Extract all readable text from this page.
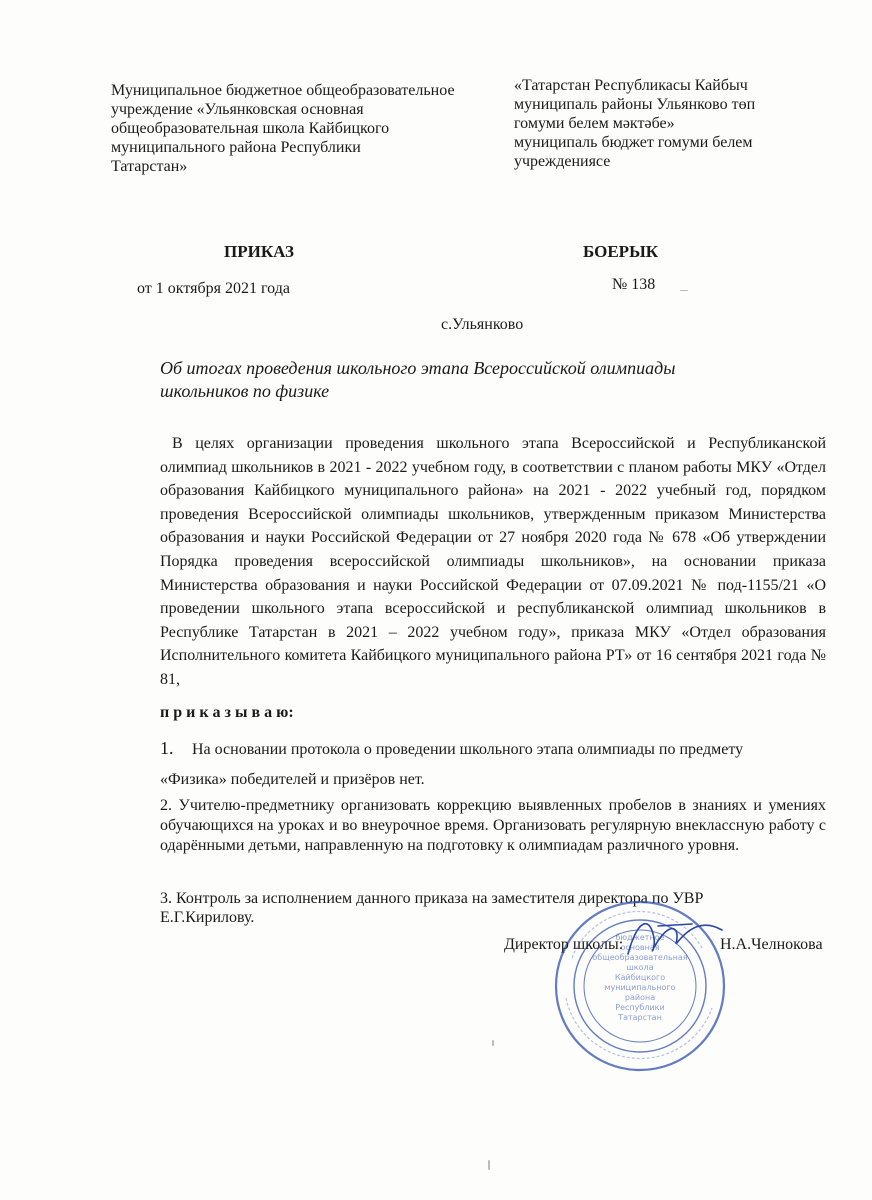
Муниципальное бюджетное общеобразовательное
учреждение «Ульянковская основная
общеобразовательная школа Кайбицкого
муниципального района Республики
Татарстан»
«Татарстан Республикасы Кайбыч
муниципаль районы Ульянково төп
гомуми белем мәктәбе»
муниципаль бюджет гомуми белем
учреждениясе
ПРИКАЗ	БОЕРЫК
от 1 октября 2021 года	№ 138
с.Ульянково
Об итогах проведения школьного этапа Всероссийской олимпиады школьников по физике
В целях организации проведения школьного этапа Всероссийской и Республиканской олимпиад школьников в 2021 - 2022 учебном году, в соответствии с планом работы МКУ «Отдел образования Кайбицкого муниципального района» на 2021 - 2022 учебный год, порядком проведения Всероссийской олимпиады школьников, утвержденным приказом Министерства образования и науки Российской Федерации от 27 ноября 2020 года № 678 «Об утверждении Порядка проведения всероссийской олимпиады школьников», на основании приказа Министерства образования и науки Российской Федерации от 07.09.2021 № под-1155/21 «О проведении школьного этапа всероссийской и республиканской олимпиад школьников в Республике Татарстан в 2021 – 2022 учебном году», приказа МКУ «Отдел образования Исполнительного комитета Кайбицкого муниципального района РТ» от 16 сентября 2021 года № 81,
п р и к а з ы в а ю:
1. На основании протокола о проведении школьного этапа олимпиады по предмету «Физика» победителей и призёров нет.
2. Учителю-предметнику организовать коррекцию выявленных пробелов в знаниях и умениях обучающихся на уроках и во внеурочное время. Организовать регулярную внеклассную работу с одарёнными детьми, направленную на подготовку к олимпиадам различного уровня.
3. Контроль за исполнением данного приказа на заместителя директора по УВР Е.Г.Кирилову.
бюджетное
основная
общеобразовательная
школа
Кайбицкого
муниципального
района
Республики
Татарстан
Директор школы:	Н.А.Челнокова
